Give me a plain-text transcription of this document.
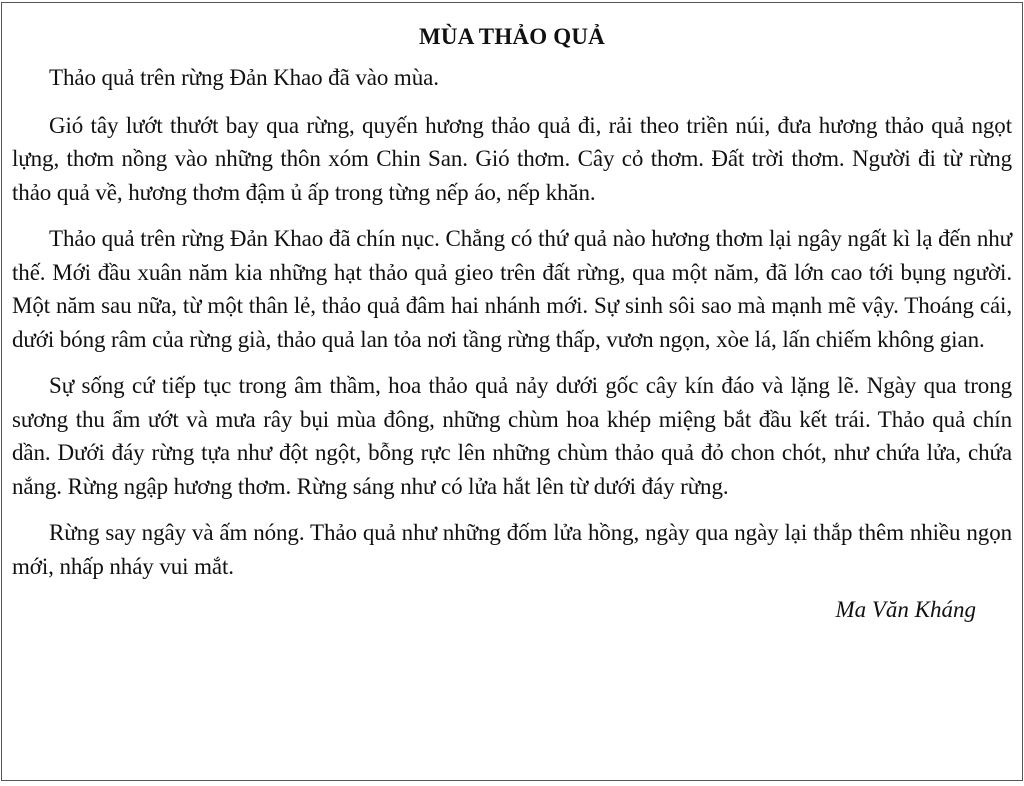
MÙA THẢO QUẢ

Thảo quả trên rừng Đản Khao đã vào mùa.

Gió tây lướt thướt bay qua rừng, quyến hương thảo quả đi, rải theo triền núi, đưa hương thảo quả ngọt lựng, thơm nồng vào những thôn xóm Chin San. Gió thơm. Cây cỏ thơm. Đất trời thơm. Người đi từ rừng thảo quả về, hương thơm đậm ủ ấp trong từng nếp áo, nếp khăn.

Thảo quả trên rừng Đản Khao đã chín nục. Chẳng có thứ quả nào hương thơm lại ngây ngất kì lạ đến như thế. Mới đầu xuân năm kia những hạt thảo quả gieo trên đất rừng, qua một năm, đã lớn cao tới bụng người. Một năm sau nữa, từ một thân lẻ, thảo quả đâm hai nhánh mới. Sự sinh sôi sao mà mạnh mẽ vậy. Thoáng cái, dưới bóng râm của rừng già, thảo quả lan tỏa nơi tầng rừng thấp, vươn ngọn, xòe lá, lấn chiếm không gian.

Sự sống cứ tiếp tục trong âm thầm, hoa thảo quả nảy dưới gốc cây kín đáo và lặng lẽ. Ngày qua trong sương thu ẩm ướt và mưa rây bụi mùa đông, những chùm hoa khép miệng bắt đầu kết trái. Thảo quả chín dần. Dưới đáy rừng tựa như đột ngột, bỗng rực lên những chùm thảo quả đỏ chon chót, như chứa lửa, chứa nắng. Rừng ngập hương thơm. Rừng sáng như có lửa hắt lên từ dưới đáy rừng.

Rừng say ngây và ấm nóng. Thảo quả như những đốm lửa hồng, ngày qua ngày lại thắp thêm nhiều ngọn mới, nhấp nháy vui mắt.

Ma Văn Kháng
